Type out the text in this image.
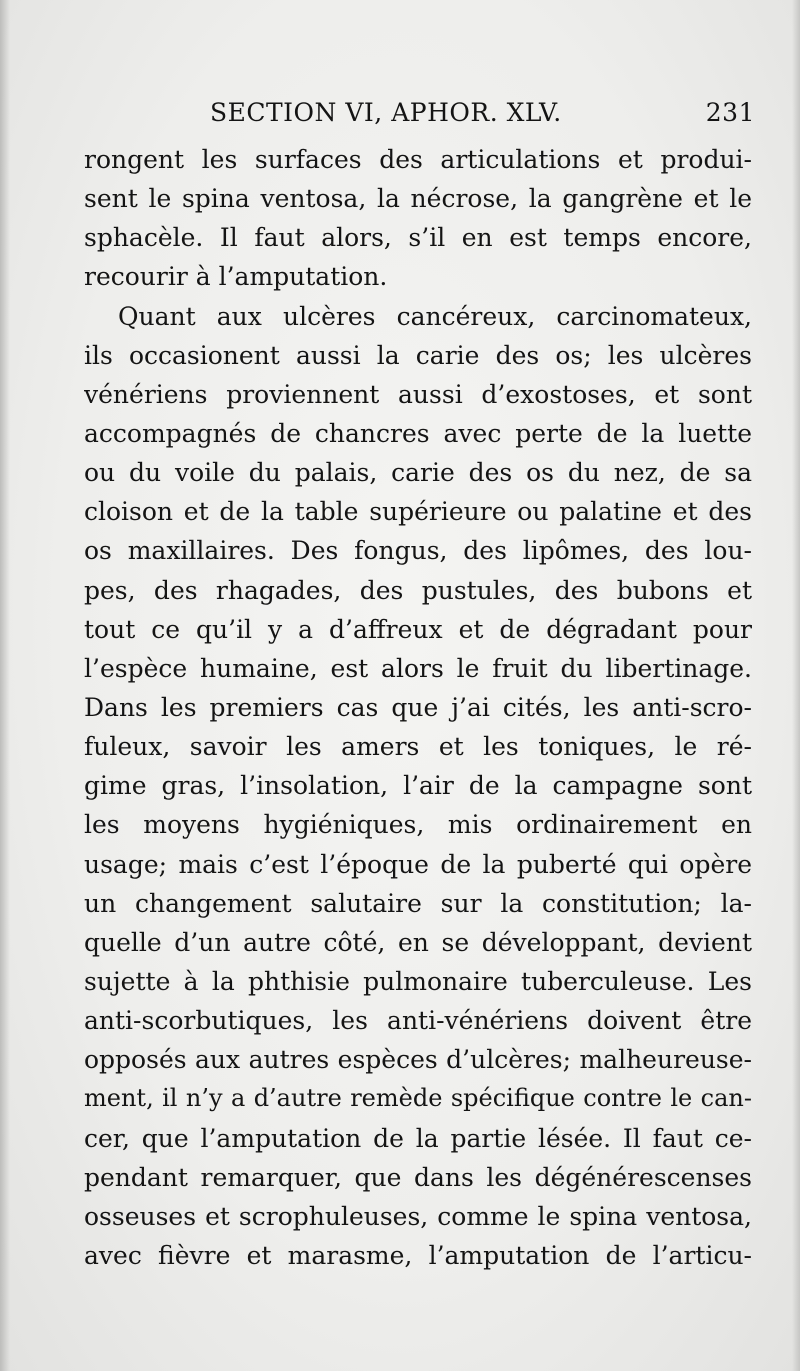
SECTION VI, APHOR. XLV.	231
rongent les surfaces des articulations et produi-
sent le spina ventosa, la nécrose, la gangrène et le
sphacèle. Il faut alors, s’il en est temps encore,
recourir à l’amputation.
Quant aux ulcères cancéreux, carcinomateux,
ils occasionent aussi la carie des os; les ulcères
vénériens proviennent aussi d’exostoses, et sont
accompagnés de chancres avec perte de la luette
ou du voile du palais, carie des os du nez, de sa
cloison et de la table supérieure ou palatine et des
os maxillaires. Des fongus, des lipômes, des lou-
pes, des rhagades, des pustules, des bubons et
tout ce qu’il y a d’affreux et de dégradant pour
l’espèce humaine, est alors le fruit du libertinage.
Dans les premiers cas que j’ai cités, les anti-scro-
fuleux, savoir les amers et les toniques, le ré-
gime gras, l’insolation, l’air de la campagne sont
les moyens hygiéniques, mis ordinairement en
usage; mais c’est l’époque de la puberté qui opère
un changement salutaire sur la constitution; la-
quelle d’un autre côté, en se développant, devient
sujette à la phthisie pulmonaire tuberculeuse. Les
anti-scorbutiques, les anti-vénériens doivent être
opposés aux autres espèces d’ulcères; malheureuse-
ment, il n’y a d’autre remède spécifique contre le can-
cer, que l’amputation de la partie lésée. Il faut ce-
pendant remarquer, que dans les dégénérescenses
osseuses et scrophuleuses, comme le spina ventosa,
avec fièvre et marasme, l’amputation de l’articu-
